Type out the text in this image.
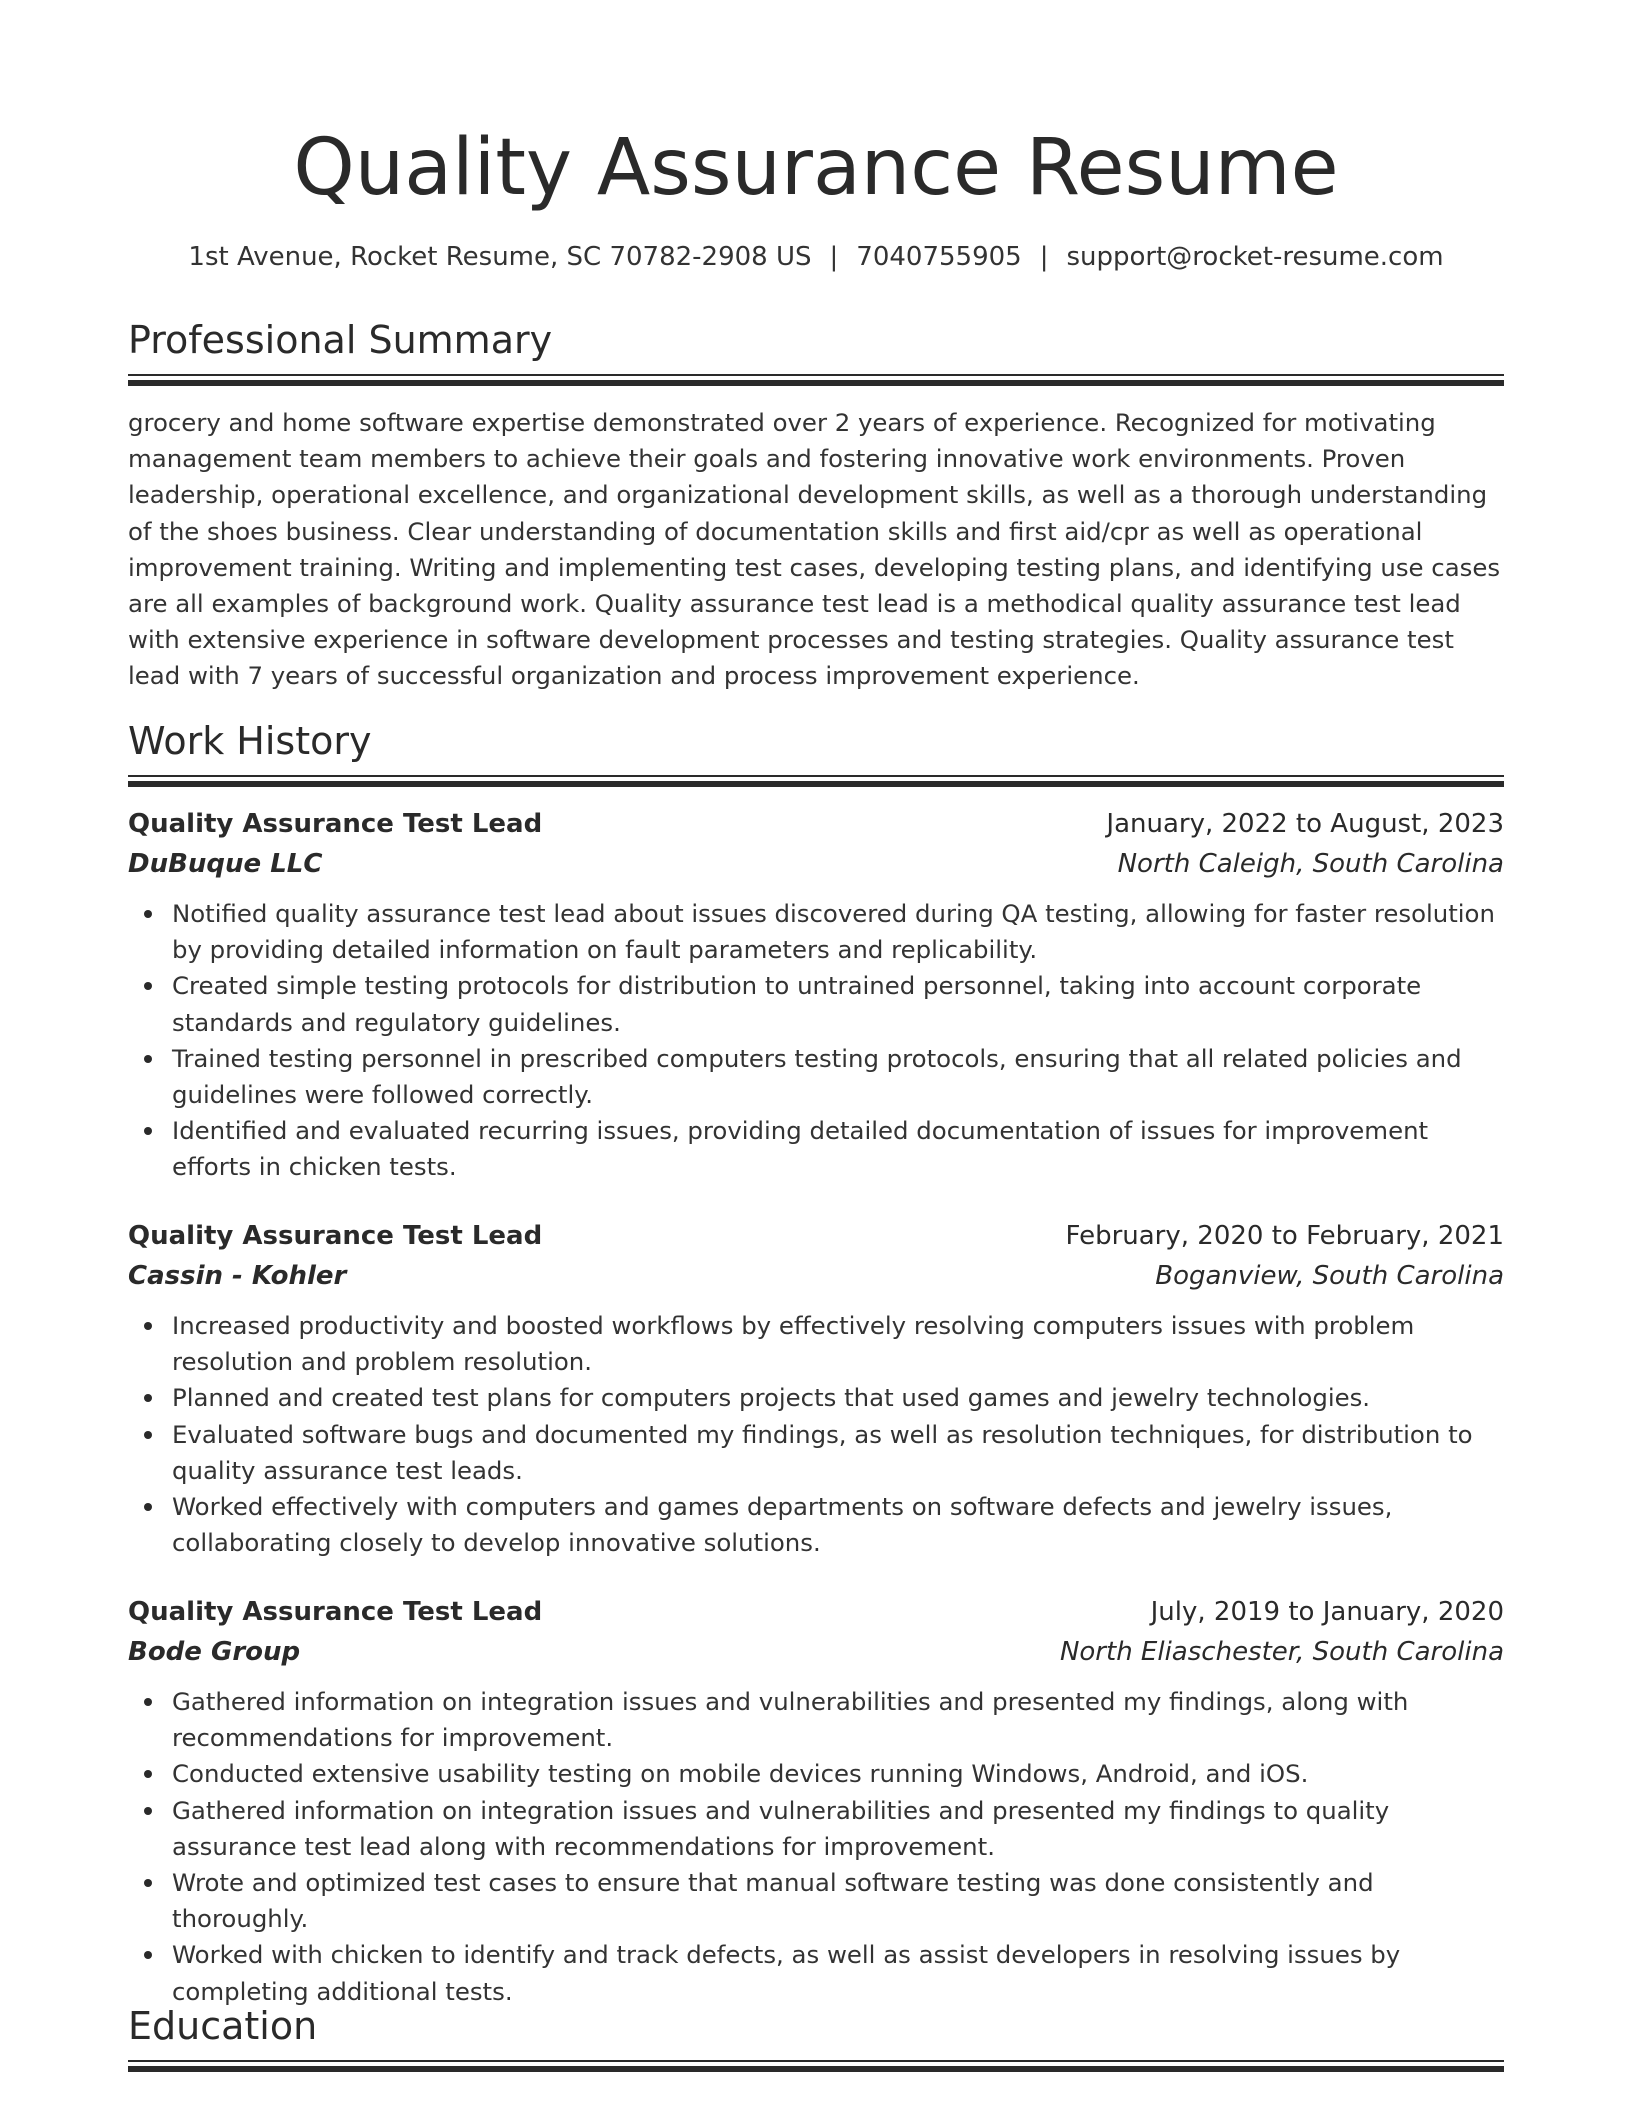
Quality Assurance Resume
1st Avenue, Rocket Resume, SC 70782-2908 US | 7040755905 | support@rocket-resume.com
Professional Summary

grocery and home software expertise demonstrated over 2 years of experience. Recognized for motivating management team members to achieve their goals and fostering innovative work environments. Proven leadership, operational excellence, and organizational development skills, as well as a thorough understanding of the shoes business. Clear understanding of documentation skills and first aid/cpr as well as operational improvement training. Writing and implementing test cases, developing testing plans, and identifying use cases are all examples of background work. Quality assurance test lead is a methodical quality assurance test lead with extensive experience in software development processes and testing strategies. Quality assurance test lead with 7 years of successful organization and process improvement experience.

Work History
Quality Assurance Test Lead	January, 2022 to August, 2023
DuBuque LLC	North Caleigh, South Carolina
Notified quality assurance test lead about issues discovered during QA testing, allowing for faster resolution by providing detailed information on fault parameters and replicability.
Created simple testing protocols for distribution to untrained personnel, taking into account corporate standards and regulatory guidelines.
Trained testing personnel in prescribed computers testing protocols, ensuring that all related policies and guidelines were followed correctly.
Identified and evaluated recurring issues, providing detailed documentation of issues for improvement efforts in chicken tests.
Quality Assurance Test Lead	February, 2020 to February, 2021
Cassin - Kohler	Boganview, South Carolina
Increased productivity and boosted workflows by effectively resolving computers issues with problem resolution and problem resolution.
Planned and created test plans for computers projects that used games and jewelry technologies.
Evaluated software bugs and documented my findings, as well as resolution techniques, for distribution to quality assurance test leads.
Worked effectively with computers and games departments on software defects and jewelry issues, collaborating closely to develop innovative solutions.
Quality Assurance Test Lead	July, 2019 to January, 2020
Bode Group	North Eliaschester, South Carolina
Gathered information on integration issues and vulnerabilities and presented my findings, along with recommendations for improvement.
Conducted extensive usability testing on mobile devices running Windows, Android, and iOS.
Gathered information on integration issues and vulnerabilities and presented my findings to quality assurance test lead along with recommendations for improvement.
Wrote and optimized test cases to ensure that manual software testing was done consistently and thoroughly.
Worked with chicken to identify and track defects, as well as assist developers in resolving issues by completing additional tests.
Education
